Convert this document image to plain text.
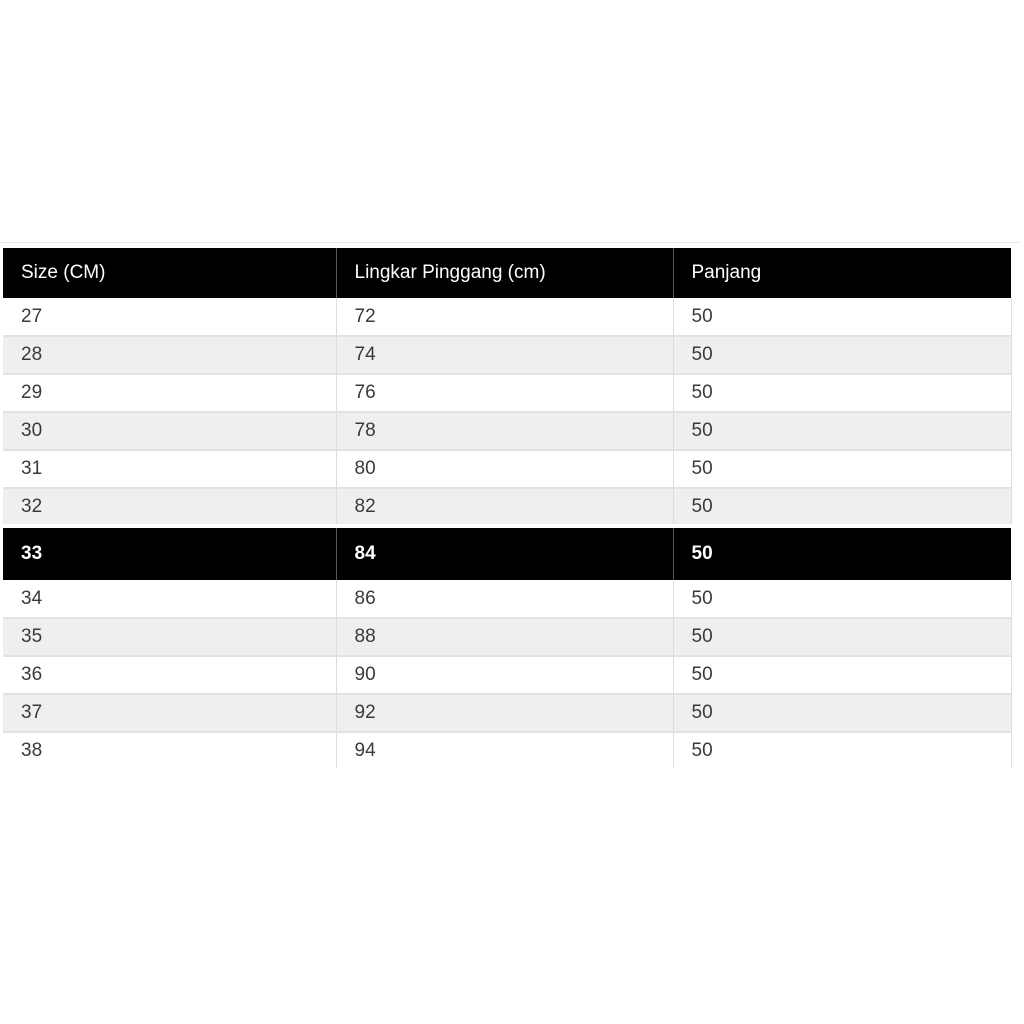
Size (CM)	Lingkar Pinggang (cm)	Panjang
27	72	50
28	74	50
29	76	50
30	78	50
31	80	50
32	82	50
33	84	50
34	86	50
35	88	50
36	90	50
37	92	50
38	94	50
